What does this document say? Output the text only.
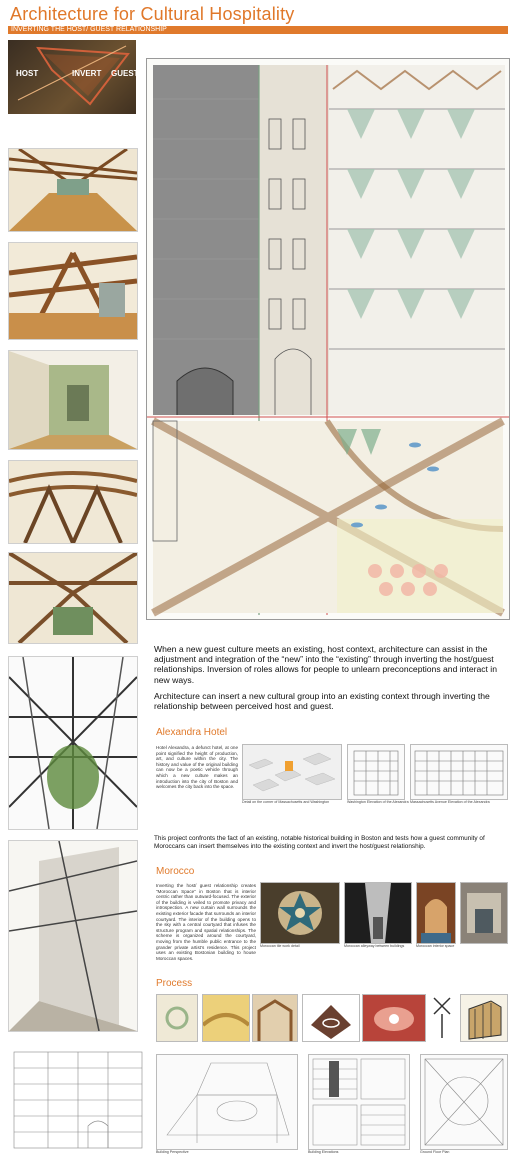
Architecture for Cultural Hospitality
INVERTING THE HOST/ GUEST RELATIONSHIP
HOST	INVERT GUEST
When a new guest culture meets an existing, host context, architecture can assist in the adjustment and integration of the “new” into the “existing” through inverting the host/guest relationships. Inversion of roles allows for people to unlearn preconceptions and interact in new ways.
Architecture can insert a new cultural group into an existing context through inverting the relationship between perceived host and guest.
Alexandra Hotel
Hotel Alexandra, a defunct hotel, at one point signified the height of production, art, and culture within the city. The history and value of the original building can now be a poetic vehicle through which a new culture makes an introduction into the city of Boston and welcomes the city back into the space.
Detail on the corner of Massachusetts and Washington	Washington Elevation of the Alexandra Massachusetts Avenue Elevation of the Alexandra
This project confronts the fact of an existing, notable historical building in Boston and tests how a guest community of Moroccans can insert themselves into the existing context and invert the host/guest relationship.
Morocco
Inverting the host/ guest relationship creates “Moroccan Space” in Boston that is interior centric rather than outward-focused. The exterior of the building is veiled to promote privacy and introspection. A new curtain wall surrounds the existing exterior facade that surrounds an interior courtyard. The interior of the building opens to the sky with a central courtyard that infuses the structure program and spatial relationships. The scheme is organized around the courtyard, moving from the humble public entrance to the grander private artist’s residence. This project uses an existing Bostonian building to house Moroccan spaces.
Moroccan tile work detail	Moroccan alleyway between buildings	Moroccan interior space
Process
Building Perspective	Building Elevations	Ground Floor Plan
